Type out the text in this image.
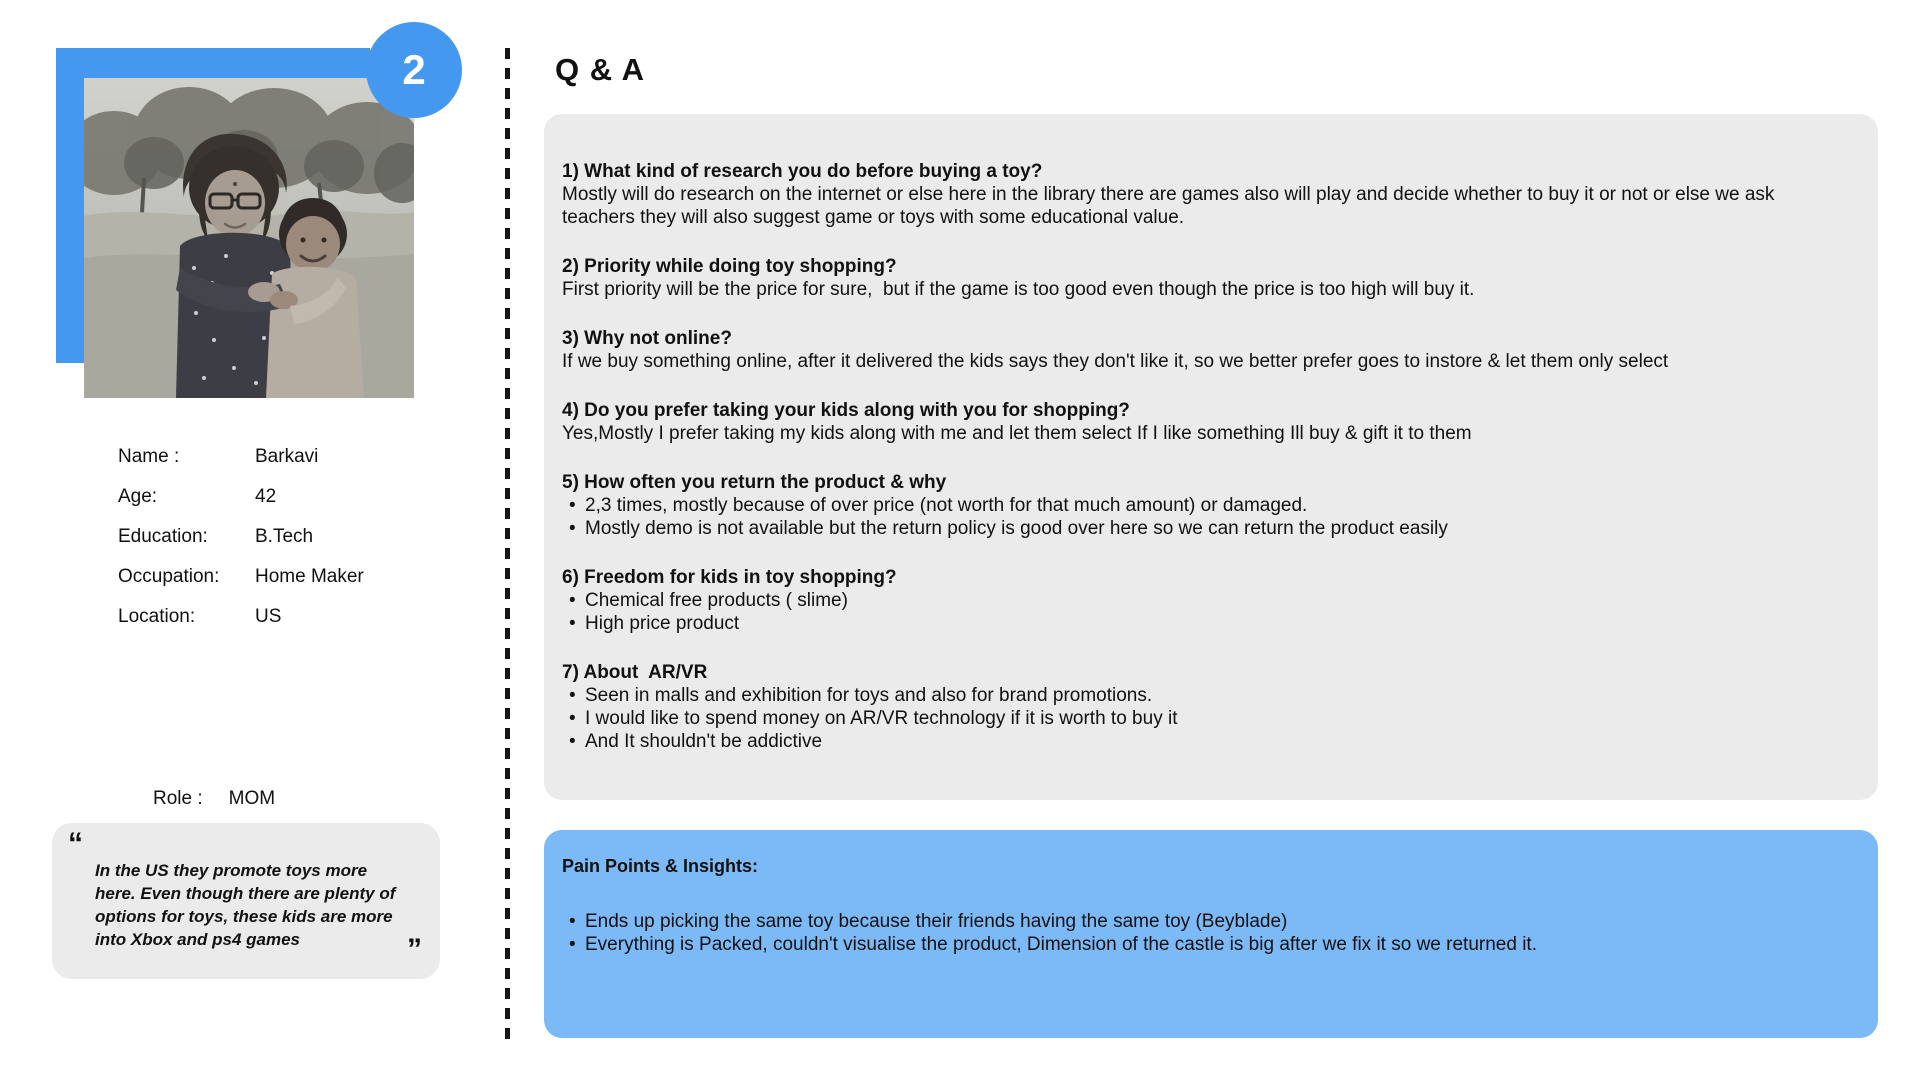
2
Name :	Barkavi
Age:	42
Education:	B.Tech
Occupation:	Home Maker
Location:	US
Role : MOM
“
In the US they promote toys more here. Even though there are plenty of options for toys, these kids are more into Xbox and ps4 games	”
Q & A
1) What kind of research you do before buying a toy?
Mostly will do research on the internet or else here in the library there are games also will play and decide whether to buy it or not or else we ask teachers they will also suggest game or toys with some educational value.
2) Priority while doing toy shopping?
First priority will be the price for sure,  but if the game is too good even though the price is too high will buy it.
3) Why not online?
If we buy something online, after it delivered the kids says they don't like it, so we better prefer goes to instore & let them only select
4) Do you prefer taking your kids along with you for shopping?
Yes,Mostly I prefer taking my kids along with me and let them select If I like something Ill buy & gift it to them
5) How often you return the product & why
• 2,3 times, mostly because of over price (not worth for that much amount) or damaged.
• Mostly demo is not available but the return policy is good over here so we can return the product easily
6) Freedom for kids in toy shopping?
• Chemical free products ( slime)
• High price product
7) About  AR/VR
• Seen in malls and exhibition for toys and also for brand promotions.
• I would like to spend money on AR/VR technology if it is worth to buy it
• And It shouldn't be addictive
Pain Points & Insights:
• Ends up picking the same toy because their friends having the same toy (Beyblade)
• Everything is Packed, couldn't visualise the product, Dimension of the castle is big after we fix it so we returned it.
